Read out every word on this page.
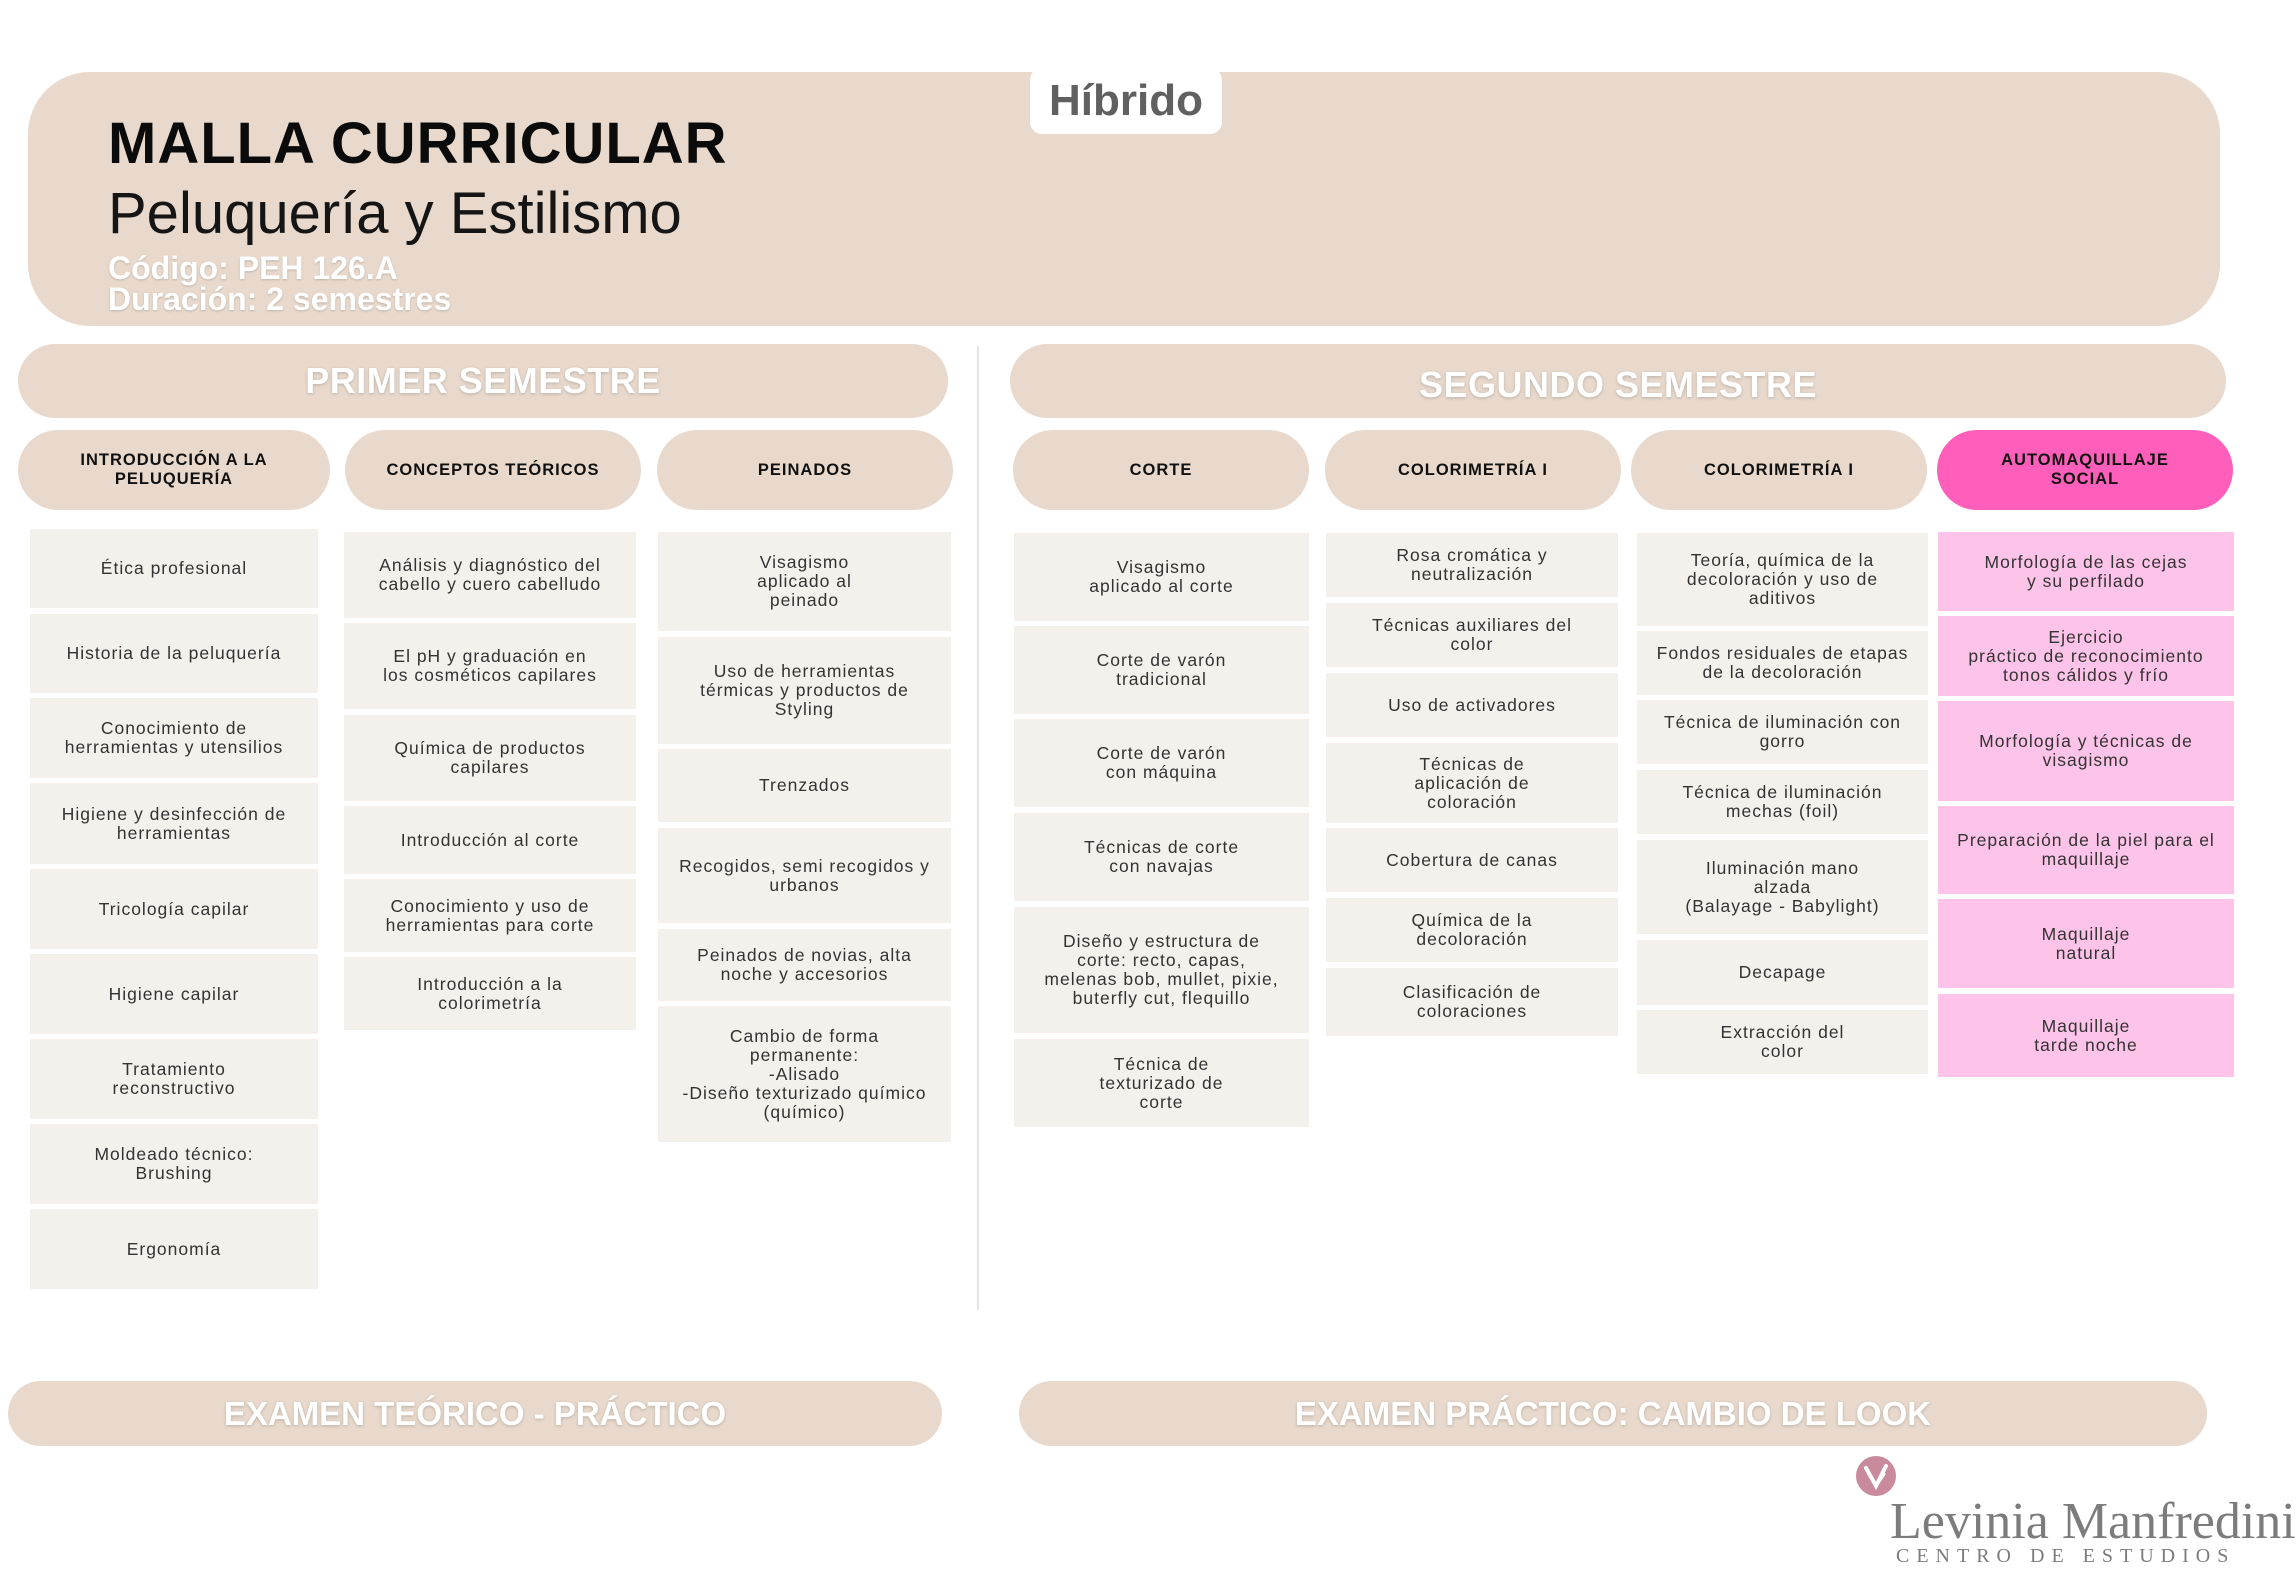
MALLA CURRICULAR
Peluquería y Estilismo
Código: PEH 126.A
Duración: 2 semestres
Híbrido
PRIMER SEMESTRE	SEGUNDO SEMESTRE
INTRODUCCIÓN A LA
PELUQUERÍA
Ética profesional
Historia de la peluquería
Conocimiento de
herramientas y utensilios
Higiene y desinfección de
herramientas
Tricología capilar
Higiene capilar
Tratamiento
reconstructivo
Moldeado técnico:
Brushing
Ergonomía
CONCEPTOS TEÓRICOS
Análisis y diagnóstico del
cabello y cuero cabelludo
El pH y graduación en
los cosméticos capilares
Química de productos
capilares
Introducción al corte
Conocimiento y uso de
herramientas para corte
Introducción a la
colorimetría
PEINADOS
Visagismo
aplicado al
peinado
Uso de herramientas
térmicas y productos de
Styling
Trenzados
Recogidos, semi recogidos y
urbanos
Peinados de novias, alta
noche y accesorios
Cambio de forma
permanente:
-Alisado
-Diseño texturizado químico
(químico)
CORTE
Visagismo
aplicado al corte
Corte de varón
tradicional
Corte de varón
con máquina
Técnicas de corte
con navajas
Diseño y estructura de
corte: recto, capas,
melenas bob, mullet, pixie,
buterfly cut, flequillo
Técnica de
texturizado de
corte
COLORIMETRÍA I
Rosa cromática y
neutralización
Técnicas auxiliares del
color
Uso de activadores
Técnicas de
aplicación de
coloración
Cobertura de canas
Química de la
decoloración
Clasificación de
coloraciones
COLORIMETRÍA I
Teoría, química de la
decoloración y uso de
aditivos
Fondos residuales de etapas
de la decoloración
Técnica de iluminación con
gorro
Técnica de iluminación
mechas (foil)
Iluminación mano
alzada
(Balayage - Babylight)
Decapage
Extracción del
color
AUTOMAQUILLAJE
SOCIAL
Morfología de las cejas
y su perfilado
Ejercicio
práctico de reconocimiento
tonos cálidos y frío
Morfología y técnicas de
visagismo
Preparación de la piel para el
maquillaje
Maquillaje
natural
Maquillaje
tarde noche
EXAMEN TEÓRICO - PRÁCTICO	EXAMEN PRÁCTICO: CAMBIO DE LOOK
Levinia Manfredini
CENTRO DE ESTUDIOS
